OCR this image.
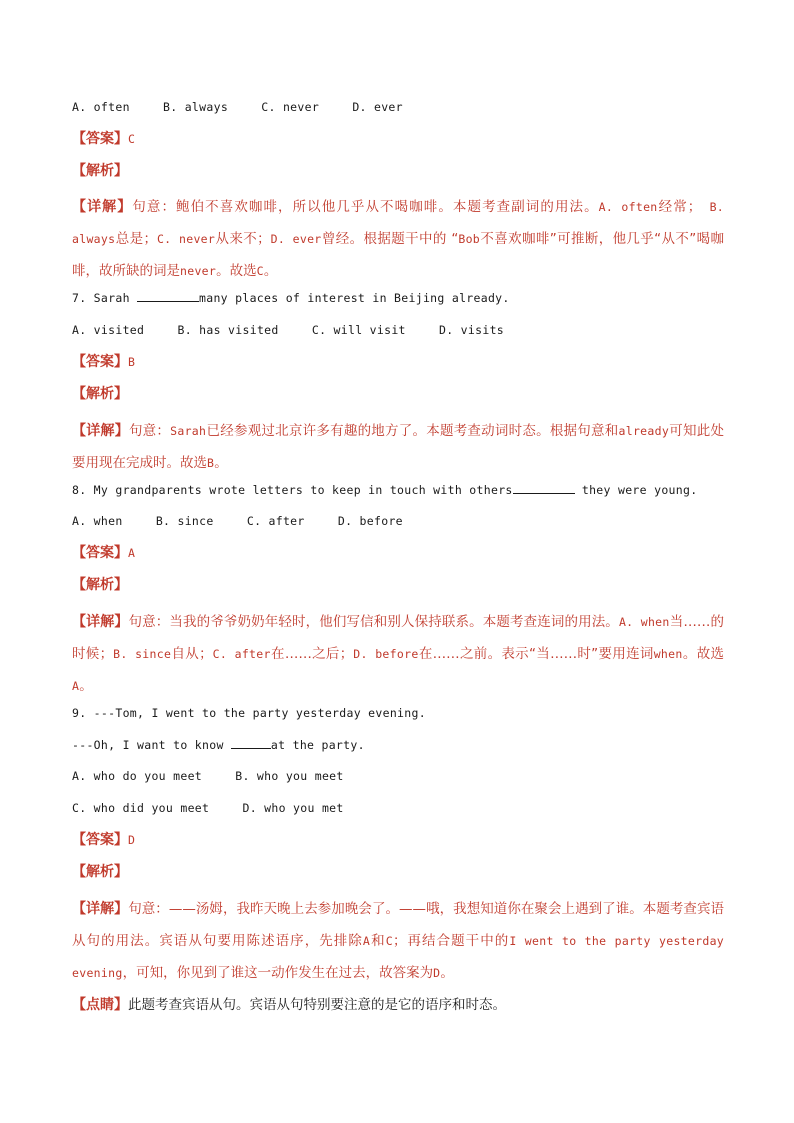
A. often	B. always	C. never	D. ever

【答案】C

【解析】

【详解】句意：鲍伯不喜欢咖啡，所以他几乎从不喝咖啡。本题考查副词的用法。A. often经常； B. always总是；C. never从来不；D. ever曾经。根据题干中的 “Bob不喜欢咖啡”可推断，他几乎“从不”喝咖啡，故所缺的词是never。故选C。

7. Sarah	many places of interest in Beijing already.

A. visited	B. has visited	C. will visit	D. visits

【答案】B

【解析】

【详解】句意：Sarah已经参观过北京许多有趣的地方了。本题考查动词时态。根据句意和already可知此处要用现在完成时。故选B。

8. My grandparents wrote letters to keep in touch with others	they were young.

A. when	B. since	C. after	D. before

【答案】A

【解析】

【详解】句意：当我的爷爷奶奶年轻时，他们写信和别人保持联系。本题考查连词的用法。A. when当……的时候；B. since自从；C. after在……之后；D. before在……之前。表示“当……时”要用连词when。故选A。

9. ---Tom, I went to the party yesterday evening.

---Oh, I want to know	at the party.

A. who do you meet	B. who you meet

C. who did you meet	D. who you met

【答案】D

【解析】

【详解】句意：——汤姆，我昨天晚上去参加晚会了。——哦，我想知道你在聚会上遇到了谁。本题考查宾语从句的用法。宾语从句要用陈述语序，先排除A和C；再结合题干中的I went to the party yesterday evening，可知，你见到了谁这一动作发生在过去，故答案为D。

【点睛】此题考查宾语从句。宾语从句特别要注意的是它的语序和时态。
